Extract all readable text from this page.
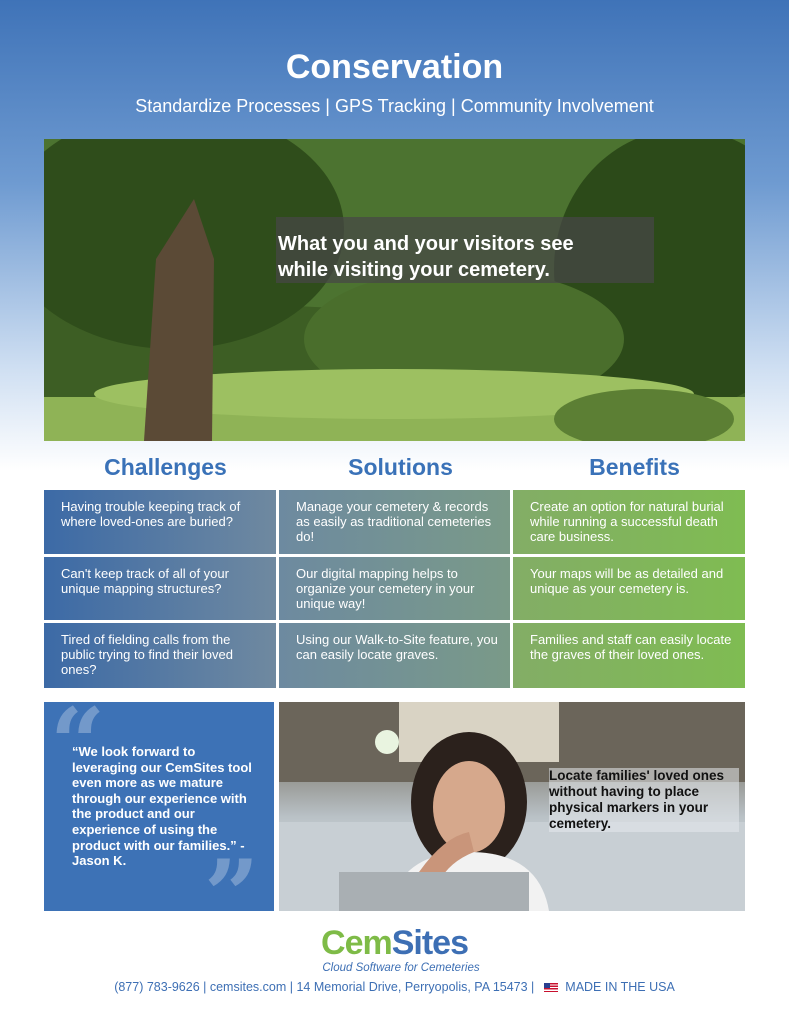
Conservation
Standardize Processes | GPS Tracking | Community Involvement
What you and your visitors see
while visiting your cemetery.
Challenges	Solutions	Benefits
Having trouble keeping track of where loved-ones are buried?
Manage your cemetery & records as easily as traditional cemeteries do!
Create an option for natural burial while running a successful death care business.
Can't keep track of all of your unique mapping structures?
Our digital mapping helps to organize your cemetery in your unique way!
Your maps will be as detailed and unique as your cemetery is.
Tired of fielding calls from the public trying to find their loved ones?
Using our Walk-to-Site feature, you can easily locate graves.
Families and staff can easily locate the graves of their loved ones.
“
”
“We look forward to leveraging our CemSites tool even more as we mature through our experience with the product and our experience of using the product with our families.” - Jason K.
Locate families' loved ones without having to place physical markers in your cemetery.
CemSites
Cloud Software for Cemeteries
(877) 783-9626 | cemsites.com | 14 Memorial Drive, Perryopolis, PA 15473 | MADE IN THE USA
